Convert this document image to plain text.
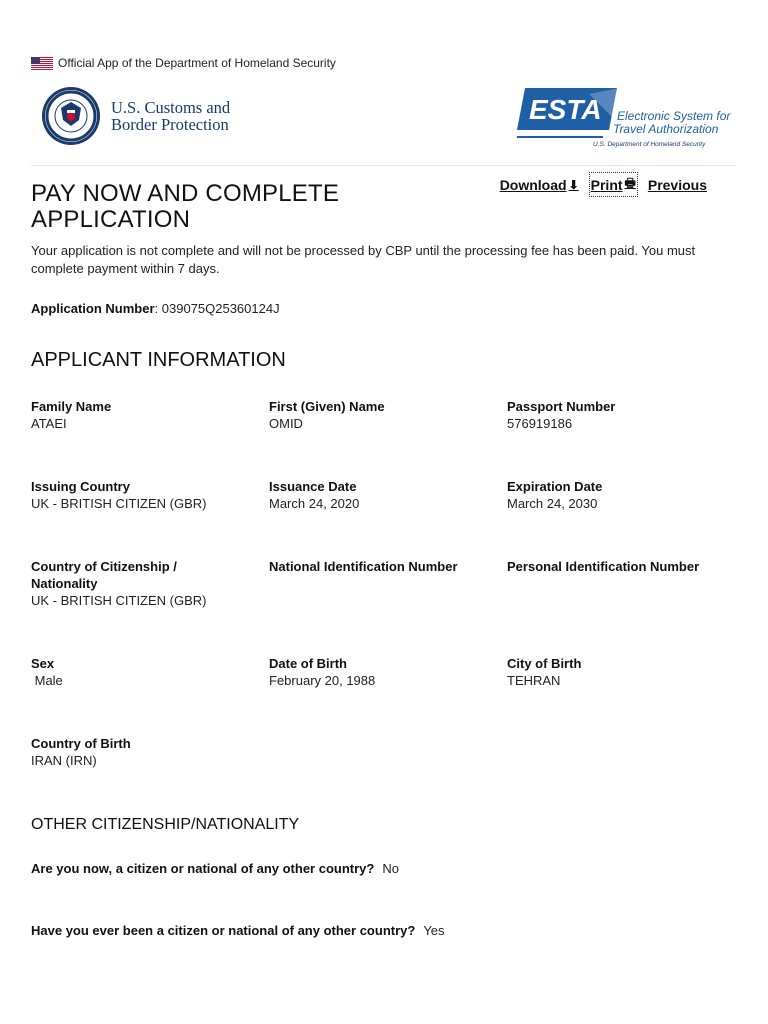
Official App of the Department of Homeland Security
U.S. Customs and
Border Protection	ESTA Electronic System for
Travel Authorization
U.S. Department of Homeland Security
Download ⬇ Print 🖶 Previous
PAY NOW AND COMPLETE APPLICATION

Your application is not complete and will not be processed by CBP until the processing fee has been paid. You must complete payment within 7 days.

Application Number: 039075Q25360124J
APPLICANT INFORMATION
Family Name
ATAEI
First (Given) Name
OMID
Passport Number
576919186
Issuing Country
UK - BRITISH CITIZEN (GBR)
Issuance Date
March 24, 2020
Expiration Date
March 24, 2030
Country of Citizenship / Nationality
UK - BRITISH CITIZEN (GBR)
National Identification Number	Personal Identification Number
Sex
Male
Date of Birth
February 20, 1988
City of Birth
TEHRAN
Country of Birth
IRAN (IRN)
OTHER CITIZENSHIP/NATIONALITY
Are you now, a citizen or national of any other country? No
Have you ever been a citizen or national of any other country? Yes
